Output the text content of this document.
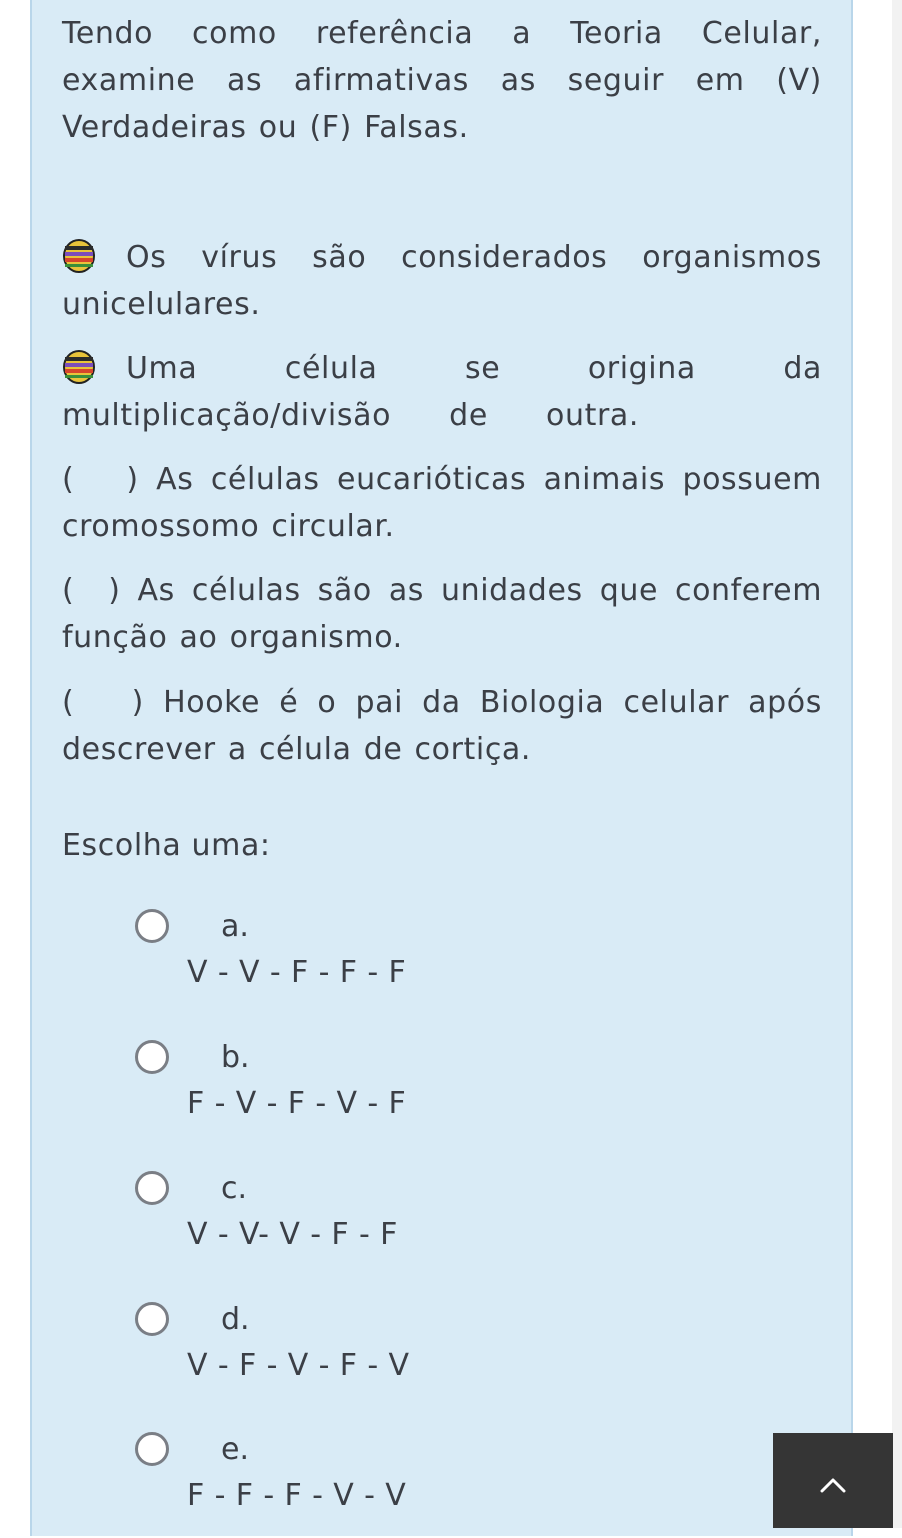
Tendo como referência a Teoria Celular, examine as afirmativas as seguir em (V) Verdadeiras ou (F) Falsas.

Os vírus são considerados organismos unicelulares.

Uma célula se origina da multiplicação/divisão de outra.

(   ) As células eucarióticas animais possuem cromossomo circular.

(  ) As células são as unidades que conferem função ao organismo.

(   ) Hooke é o pai da Biologia celular após descrever a célula de cortiça.

Escolha uma:

a.
V - V - F - F - F
b.
F - V - F - V - F
c.
V - V- V - F - F
d.
V - F - V - F - V
e.
F - F - F - V - V
